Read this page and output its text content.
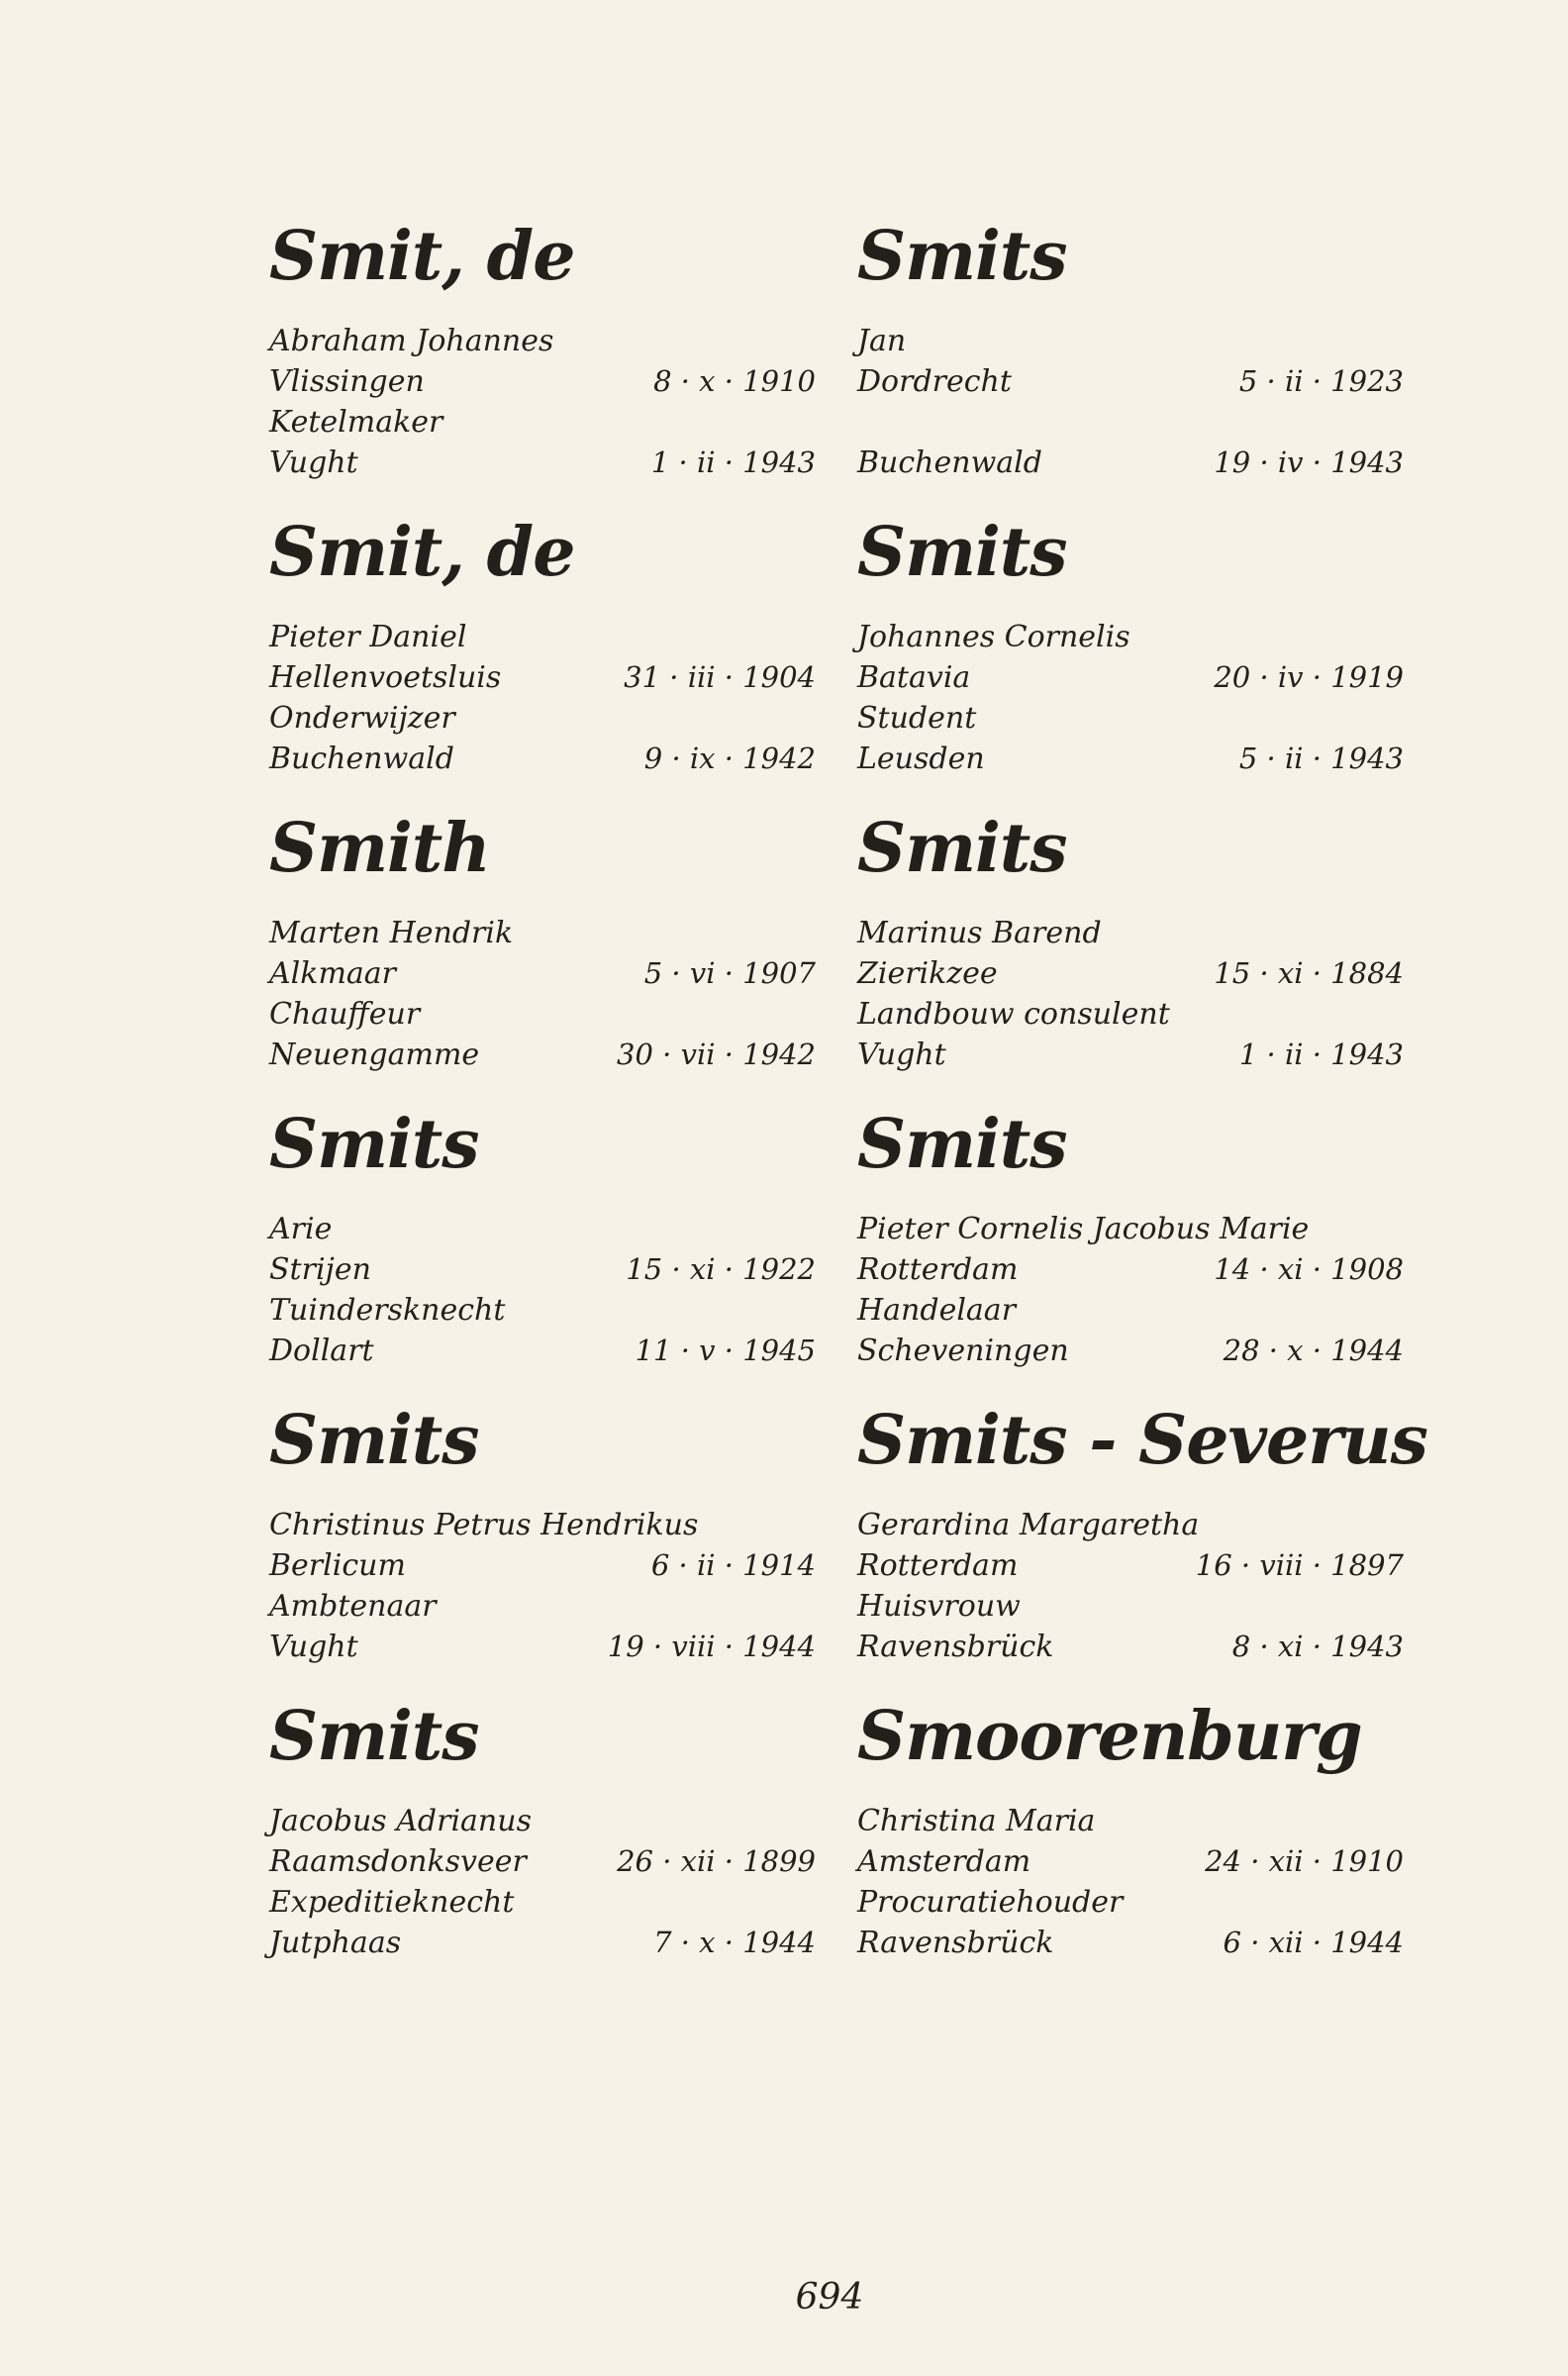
Smit, de
Abraham Johannes
Vlissingen	8 · x · 1910
Ketelmaker
Vught	1 · ii · 1943
Smit, de
Pieter Daniel
Hellenvoetsluis	31 · iii · 1904
Onderwijzer
Buchenwald	9 · ix · 1942
Smith
Marten Hendrik
Alkmaar	5 · vi · 1907
Chauffeur
Neuengamme	30 · vii · 1942
Smits
Arie
Strijen	15 · xi · 1922
Tuindersknecht
Dollart	11 · v · 1945
Smits
Christinus Petrus Hendrikus
Berlicum	6 · ii · 1914
Ambtenaar
Vught	19 · viii · 1944
Smits
Jacobus Adrianus
Raamsdonksveer	26 · xii · 1899
Expeditieknecht
Jutphaas	7 · x · 1944
Smits
Jan
Dordrecht	5 · ii · 1923
Buchenwald	19 · iv · 1943
Smits
Johannes Cornelis
Batavia	20 · iv · 1919
Student
Leusden	5 · ii · 1943
Smits
Marinus Barend
Zierikzee	15 · xi · 1884
Landbouw consulent
Vught	1 · ii · 1943
Smits
Pieter Cornelis Jacobus Marie
Rotterdam	14 · xi · 1908
Handelaar
Scheveningen	28 · x · 1944
Smits - Severus
Gerardina Margaretha
Rotterdam	16 · viii · 1897
Huisvrouw
Ravensbrück	8 · xi · 1943
Smoorenburg
Christina Maria
Amsterdam	24 · xii · 1910
Procuratiehouder
Ravensbrück	6 · xii · 1944
694
